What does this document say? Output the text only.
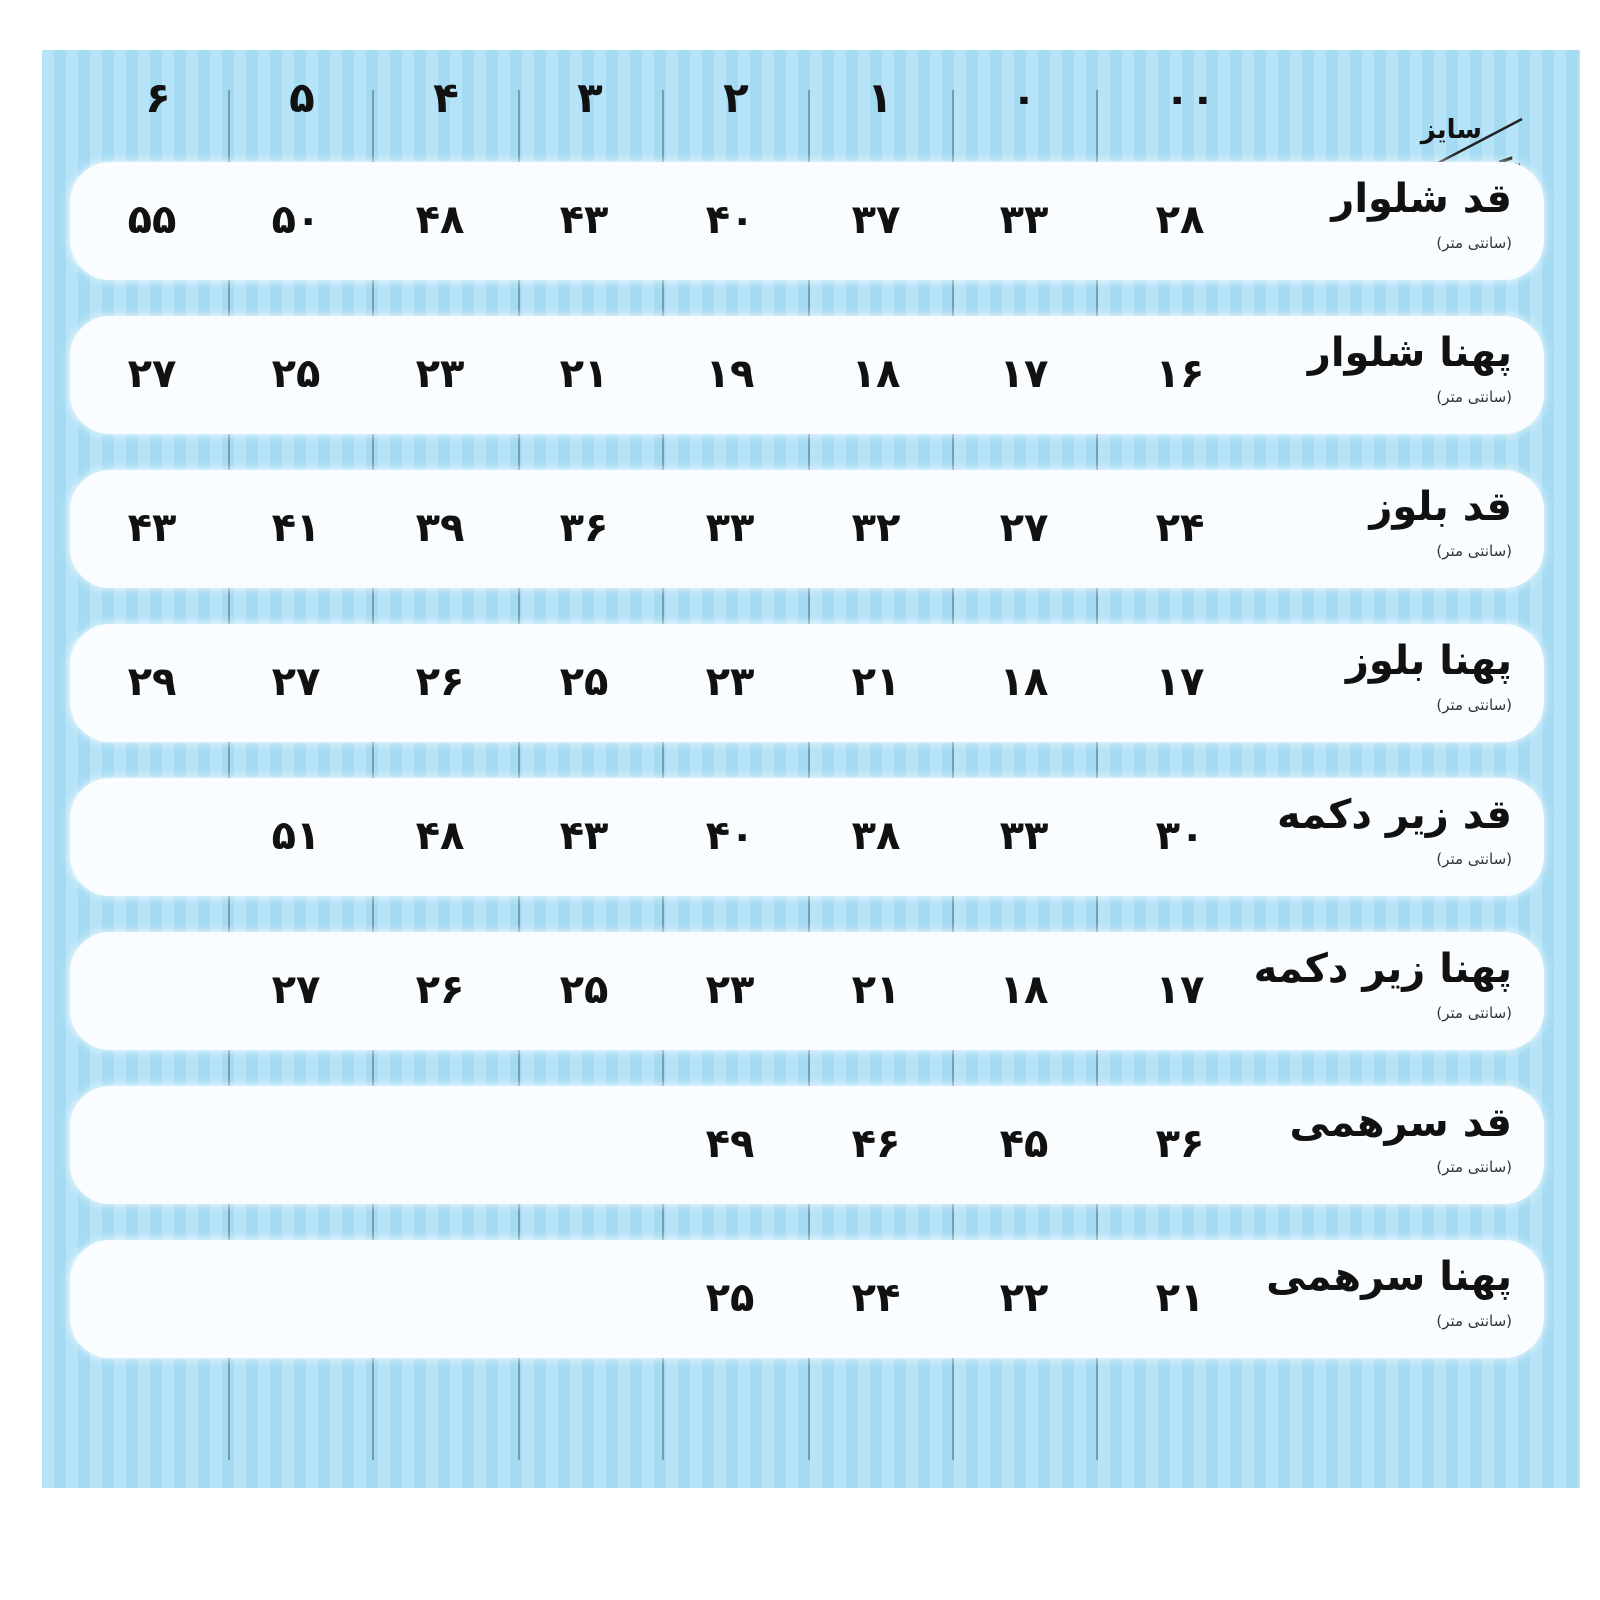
سایز
۰۰
۰
۱
۲
۳
۴
۵
۶
قد شلوار
(سانتی متر)
۲۸
۳۳
۳۷
۴۰
۴۳
۴۸
۵۰
۵۵
پهنا شلوار
(سانتی متر)
۱۶
۱۷
۱۸
۱۹
۲۱
۲۳
۲۵
۲۷
قد بلوز
(سانتی متر)
۲۴
۲۷
۳۲
۳۳
۳۶
۳۹
۴۱
۴۳
پهنا بلوز
(سانتی متر)
۱۷
۱۸
۲۱
۲۳
۲۵
۲۶
۲۷
۲۹
قد زیر دکمه
(سانتی متر)
۳۰
۳۳
۳۸
۴۰
۴۳
۴۸
۵۱
پهنا زیر دکمه
(سانتی متر)
۱۷
۱۸
۲۱
۲۳
۲۵
۲۶
۲۷
قد سرهمی
(سانتی متر)
۳۶
۴۵
۴۶
۴۹
پهنا سرهمی
(سانتی متر)
۲۱
۲۲
۲۴
۲۵
